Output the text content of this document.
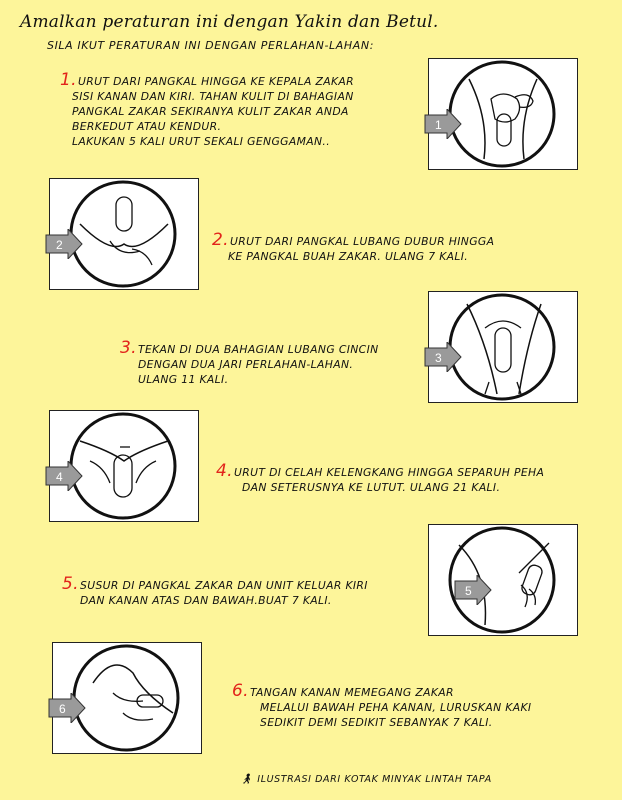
Amalkan peraturan ini dengan Yakin dan Betul.
SILA IKUT PERATURAN INI DENGAN PERLAHAN-LAHAN:
1. URUT DARI PANGKAL HINGGA KE KEPALA ZAKAR
SISI KANAN DAN KIRI. TAHAN KULIT DI BAHAGIAN
PANGKAL ZAKAR SEKIRANYA KULIT ZAKAR ANDA
BERKEDUT ATAU KENDUR.
LAKUKAN 5 KALI URUT SEKALI GENGGAMAN..
1
2	2. URUT DARI PANGKAL LUBANG DUBUR HINGGA
KE PANGKAL BUAH ZAKAR. ULANG 7 KALI.
3. TEKAN DI DUA BAHAGIAN LUBANG CINCIN
DENGAN DUA JARI PERLAHAN-LAHAN.
ULANG 11 KALI.
3
4	4. URUT DI CELAH KELENGKANG HINGGA SEPARUH PEHA
DAN SETERUSNYA KE LUTUT. ULANG 21 KALI.
5. SUSUR DI PANGKAL ZAKAR DAN UNIT KELUAR KIRI
DAN KANAN ATAS DAN BAWAH.BUAT 7 KALI.
5
6
6. TANGAN KANAN MEMEGANG ZAKAR
MELALUI BAWAH PEHA KANAN, LURUSKAN KAKI
SEDIKIT DEMI SEDIKIT SEBANYAK 7 KALI.
🚶︎ ILUSTRASI DARI KOTAK MINYAK LINTAH TAPA
